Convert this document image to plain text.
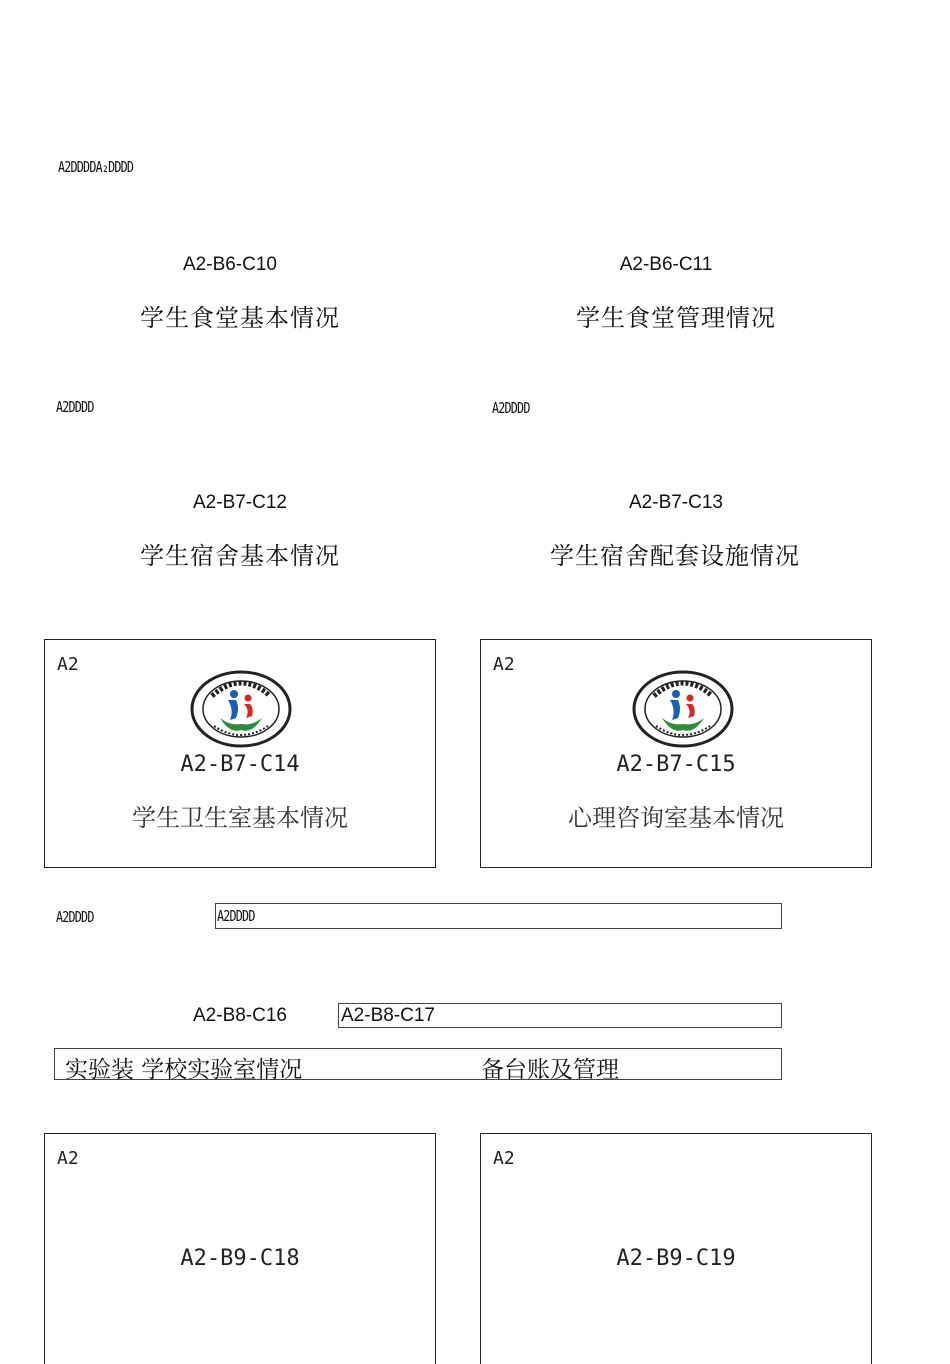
A2DDDDA₂DDDD
A2-B6-C10
学生食堂基本情况
A2-B6-C11
学生食堂管理情况
A2DDDD	A2DDDD
A2-B7-C12
学生宿舍基本情况
A2-B7-C13
学生宿舍配套设施情况
A2
A2-B7-C14
学生卫生室基本情况
A2
A2-B7-C15
心理咨询室基本情况
A2DDDD	A2DDDD
A2-B8-C16	A2-B8-C17
实验装 学校实验室情况	备台账及管理
A2
A2-B9-C18
A2
A2-B9-C19
